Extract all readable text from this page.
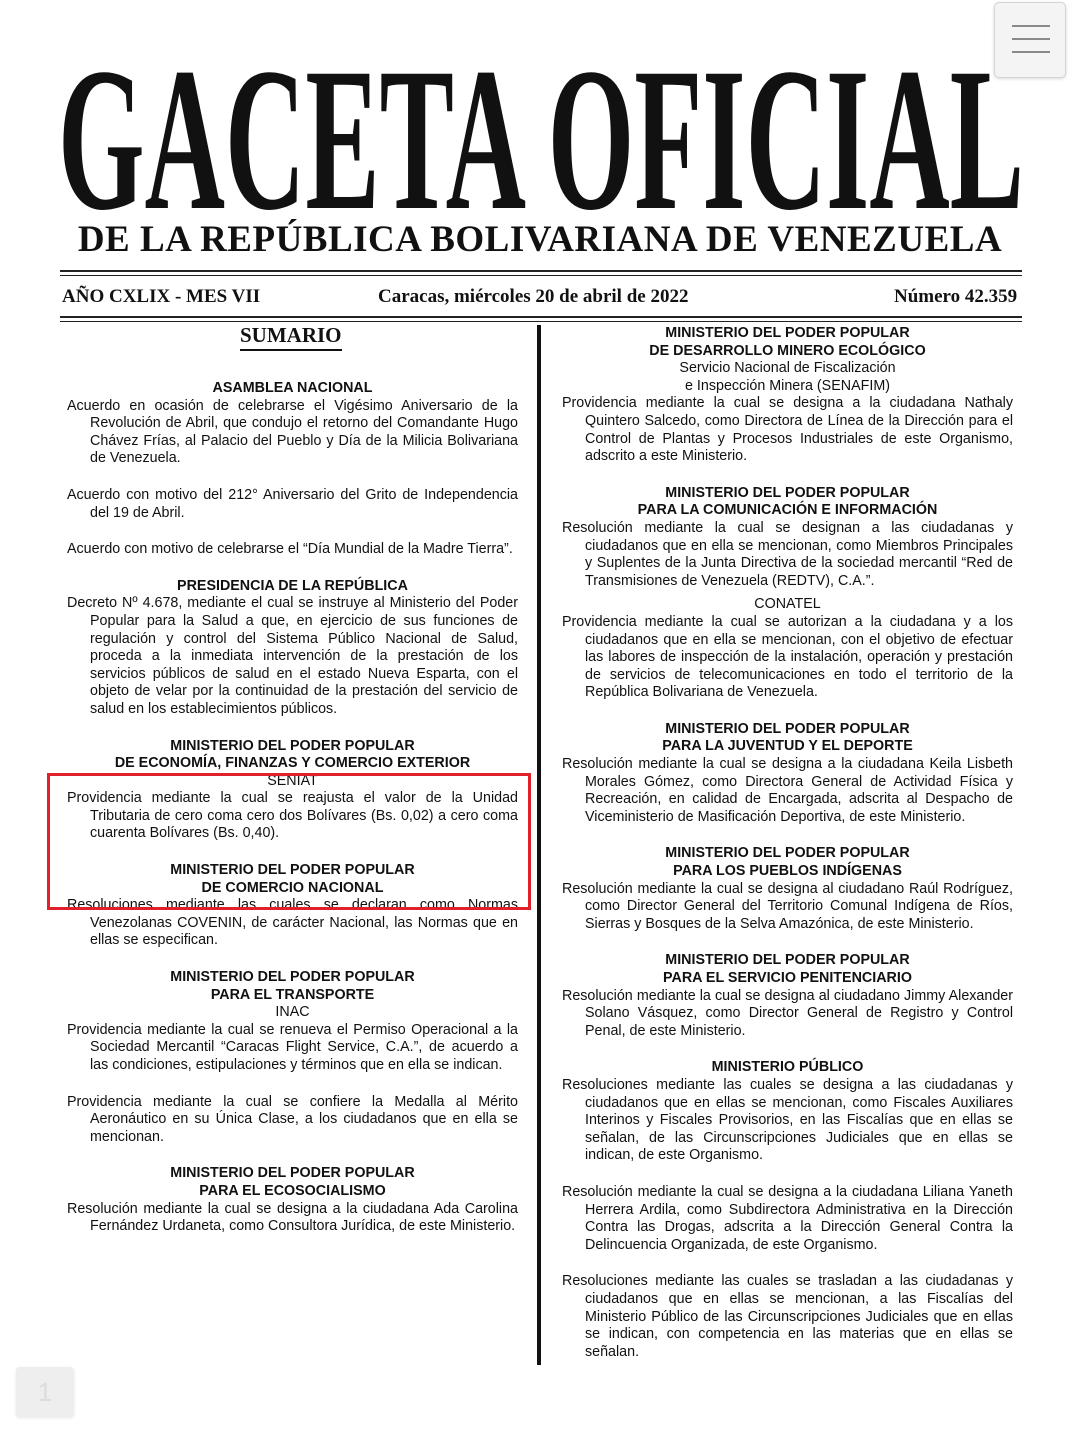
GACETA OFICIAL
DE LA REPÚBLICA BOLIVARIANA DE VENEZUELA
AÑO CXLIX - MES VII	Caracas, miércoles 20 de abril de 2022	Número 42.359
SUMARIO
ASAMBLEA NACIONAL
Acuerdo en ocasión de celebrarse el Vigésimo Aniversario de la Revolución de Abril, que condujo el retorno del Comandante Hugo Chávez Frías, al Palacio del Pueblo y Día de la Milicia Bolivariana de Venezuela.
Acuerdo con motivo del 212° Aniversario del Grito de Independencia del 19 de Abril.
Acuerdo con motivo de celebrarse el “Día Mundial de la Madre Tierra”.
PRESIDENCIA DE LA REPÚBLICA
Decreto Nº 4.678, mediante el cual se instruye al Ministerio del Poder Popular para la Salud a que, en ejercicio de sus funciones de regulación y control del Sistema Público Nacional de Salud, proceda a la inmediata intervención de la prestación de los servicios públicos de salud en el estado Nueva Esparta, con el objeto de velar por la continuidad de la prestación del servicio de salud en los establecimientos públicos.
MINISTERIO DEL PODER POPULAR
DE ECONOMÍA, FINANZAS Y COMERCIO EXTERIOR
SENIAT
Providencia mediante la cual se reajusta el valor de la Unidad Tributaria de cero coma cero dos Bolívares (Bs. 0,02) a cero coma cuarenta Bolívares (Bs. 0,40).
MINISTERIO DEL PODER POPULAR
DE COMERCIO NACIONAL
Resoluciones mediante las cuales se declaran como Normas Venezolanas COVENIN, de carácter Nacional, las Normas que en ellas se especifican.
MINISTERIO DEL PODER POPULAR
PARA EL TRANSPORTE
INAC
Providencia mediante la cual se renueva el Permiso Operacional a la Sociedad Mercantil “Caracas Flight Service, C.A.”, de acuerdo a las condiciones, estipulaciones y términos que en ella se indican.
Providencia mediante la cual se confiere la Medalla al Mérito Aeronáutico en su Única Clase, a los ciudadanos que en ella se mencionan.
MINISTERIO DEL PODER POPULAR
PARA EL ECOSOCIALISMO
Resolución mediante la cual se designa a la ciudadana Ada Carolina Fernández Urdaneta, como Consultora Jurídica, de este Ministerio.
MINISTERIO DEL PODER POPULAR
DE DESARROLLO MINERO ECOLÓGICO
Servicio Nacional de Fiscalización
e Inspección Minera (SENAFIM)
Providencia mediante la cual se designa a la ciudadana Nathaly Quintero Salcedo, como Directora de Línea de la Dirección para el Control de Plantas y Procesos Industriales de este Organismo, adscrito a este Ministerio.
MINISTERIO DEL PODER POPULAR
PARA LA COMUNICACIÓN E INFORMACIÓN
Resolución mediante la cual se designan a las ciudadanas y ciudadanos que en ella se mencionan, como Miembros Principales y Suplentes de la Junta Directiva de la sociedad mercantil “Red de Transmisiones de Venezuela (REDTV), C.A.”.
CONATEL
Providencia mediante la cual se autorizan a la ciudadana y a los ciudadanos que en ella se mencionan, con el objetivo de efectuar las labores de inspección de la instalación, operación y prestación de servicios de telecomunicaciones en todo el territorio de la República Bolivariana de Venezuela.
MINISTERIO DEL PODER POPULAR
PARA LA JUVENTUD Y EL DEPORTE
Resolución mediante la cual se designa a la ciudadana Keila Lisbeth Morales Gómez, como Directora General de Actividad Física y Recreación, en calidad de Encargada, adscrita al Despacho de Viceministerio de Masificación Deportiva, de este Ministerio.
MINISTERIO DEL PODER POPULAR
PARA LOS PUEBLOS INDÍGENAS
Resolución mediante la cual se designa al ciudadano Raúl Rodríguez, como Director General del Territorio Comunal Indígena de Ríos, Sierras y Bosques de la Selva Amazónica, de este Ministerio.
MINISTERIO DEL PODER POPULAR
PARA EL SERVICIO PENITENCIARIO
Resolución mediante la cual se designa al ciudadano Jimmy Alexander Solano Vásquez, como Director General de Registro y Control Penal, de este Ministerio.
MINISTERIO PÚBLICO
Resoluciones mediante las cuales se designa a las ciudadanas y ciudadanos que en ellas se mencionan, como Fiscales Auxiliares Interinos y Fiscales Provisorios, en las Fiscalías que en ellas se señalan, de las Circunscripciones Judiciales que en ellas se indican, de este Organismo.
Resolución mediante la cual se designa a la ciudadana Liliana Yaneth Herrera Ardila, como Subdirectora Administrativa en la Dirección Contra las Drogas, adscrita a la Dirección General Contra la Delincuencia Organizada, de este Organismo.
Resoluciones mediante las cuales se trasladan a las ciudadanas y ciudadanos que en ellas se mencionan, a las Fiscalías del Ministerio Público de las Circunscripciones Judiciales que en ellas se indican, con competencia en las materias que en ellas se señalan.
1
